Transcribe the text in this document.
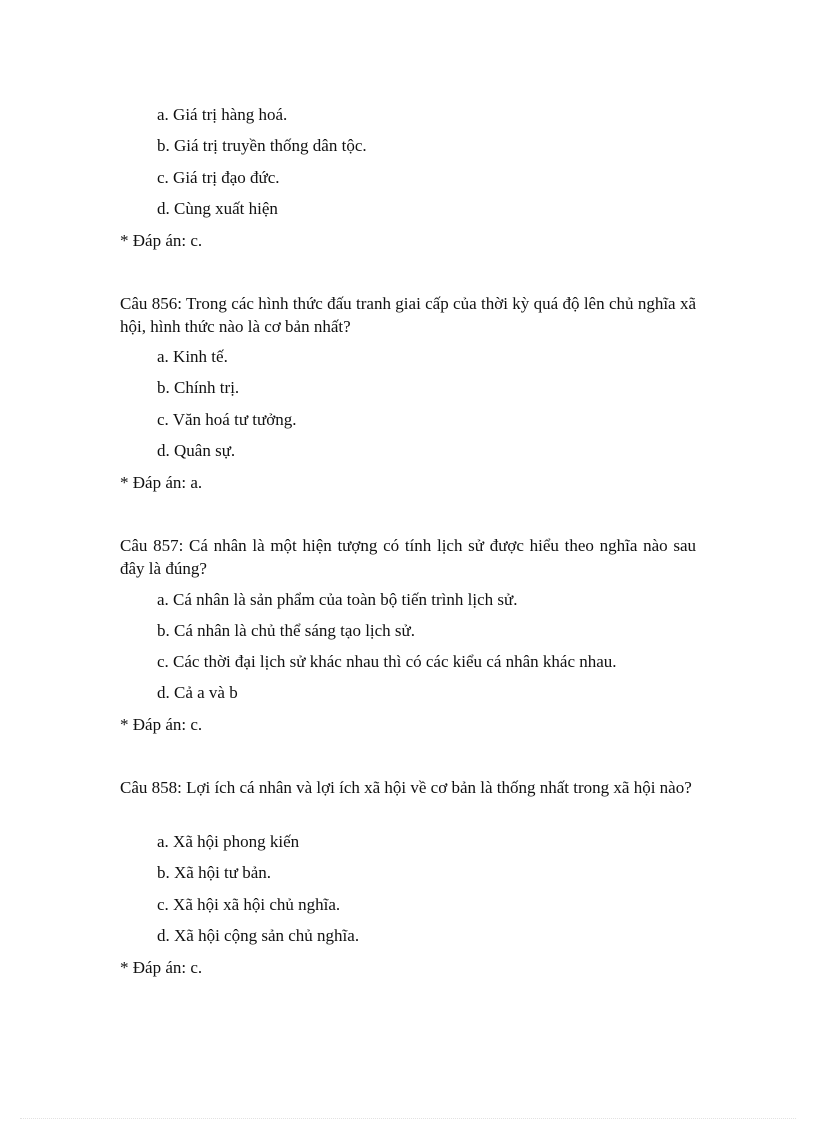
a. Giá trị hàng hoá.
b. Giá trị truyền thống dân tộc.
c. Giá trị đạo đức.
d. Cùng xuất hiện
* Đáp án: c.
Câu 856: Trong các hình thức đấu tranh giai cấp của thời kỳ quá độ lên chủ nghĩa xã hội, hình thức nào là cơ bản nhất?
a. Kinh tế.
b. Chính trị.
c. Văn hoá tư tưởng.
d. Quân sự.
* Đáp án: a.
Câu 857: Cá nhân là một hiện tượng có tính lịch sử được hiểu theo nghĩa nào sau đây là đúng?
a. Cá nhân là sản phẩm của toàn bộ tiến trình lịch sử.
b. Cá nhân là chủ thể sáng tạo lịch sử.
c. Các thời đại lịch sử khác nhau thì có các kiểu cá nhân khác nhau.
d. Cả a và b
* Đáp án: c.
Câu 858: Lợi ích cá nhân và lợi ích xã hội về cơ bản là thống nhất trong xã hội nào?
a. Xã hội phong kiến
b. Xã hội tư bản.
c. Xã hội xã hội chủ nghĩa.
d. Xã hội cộng sản chủ nghĩa.
* Đáp án: c.
